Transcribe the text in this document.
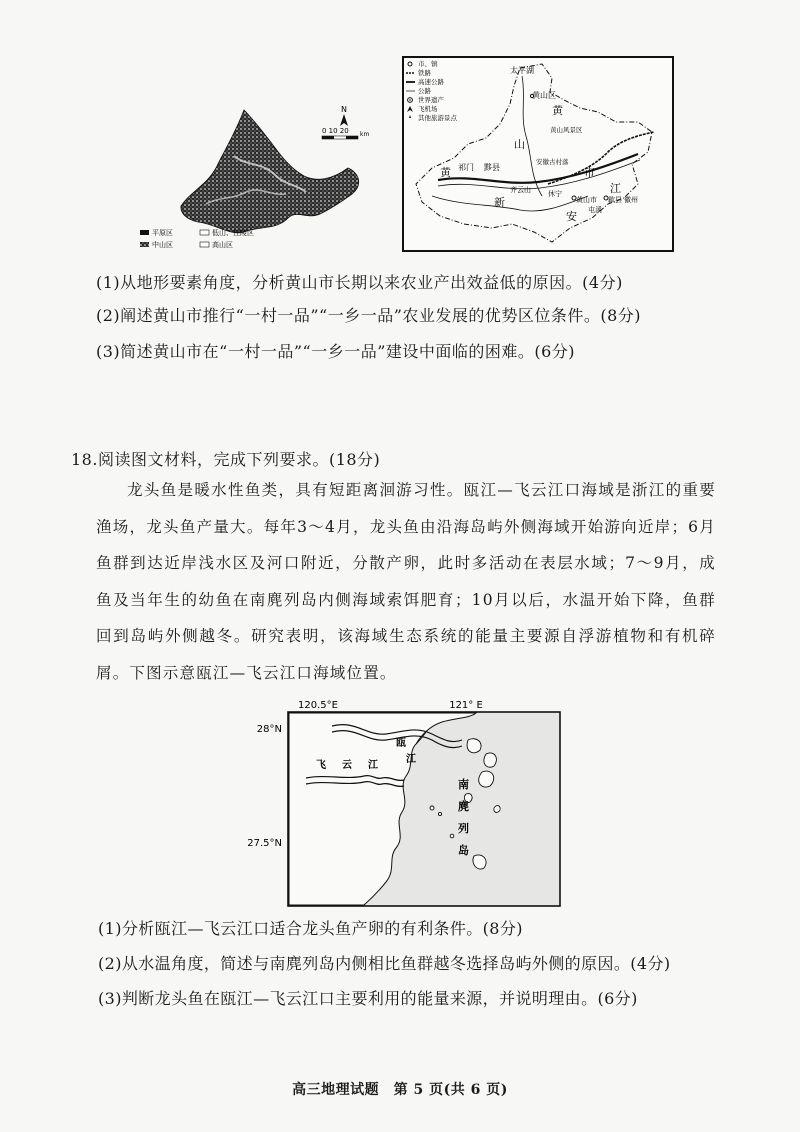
N
0 10 20 km
平原区	低山、丘陵区
中山区	高山区
市、镇
铁路
高速公路
公路
世界遗产
飞机场
其他旅游景点
太平湖
黄山区
黄
黄山风景区
山
安徽古村落
黟县
祁门	市
黄
新
江
齐云山 休宁
屯溪
黄山市
安
歙县 徽州
(1)从地形要素角度，分析黄山市长期以来农业产出效益低的原因。(4分)
(2)阐述黄山市推行“一村一品”“一乡一品”农业发展的优势区位条件。(8分)
(3)简述黄山市在“一村一品”“一乡一品”建设中面临的困难。(6分)
18.阅读图文材料，完成下列要求。(18分)
龙头鱼是暖水性鱼类，具有短距离洄游习性。瓯江—飞云江口海域是浙江的重要渔场，龙头鱼产量大。每年3～4月，龙头鱼由沿海岛屿外侧海域开始游向近岸；6月鱼群到达近岸浅水区及河口附近，分散产卵，此时多活动在表层水域；7～9月，成鱼及当年生的幼鱼在南麂列岛内侧海域索饵肥育；10月以后，水温开始下降，鱼群回到岛屿外侧越冬。研究表明，该海域生态系统的能量主要源自浮游植物和有机碎屑。下图示意瓯江—飞云江口海域位置。
120.5°E	121° E
28°N
27.5°N
瓯
江
飞 云 江
南
麂
列
岛
(1)分析瓯江—飞云江口适合龙头鱼产卵的有利条件。(8分)
(2)从水温角度，简述与南麂列岛内侧相比鱼群越冬选择岛屿外侧的原因。(4分)
(3)判断龙头鱼在瓯江—飞云江口主要利用的能量来源，并说明理由。(6分)
高三地理试题　第 5 页(共 6 页)
